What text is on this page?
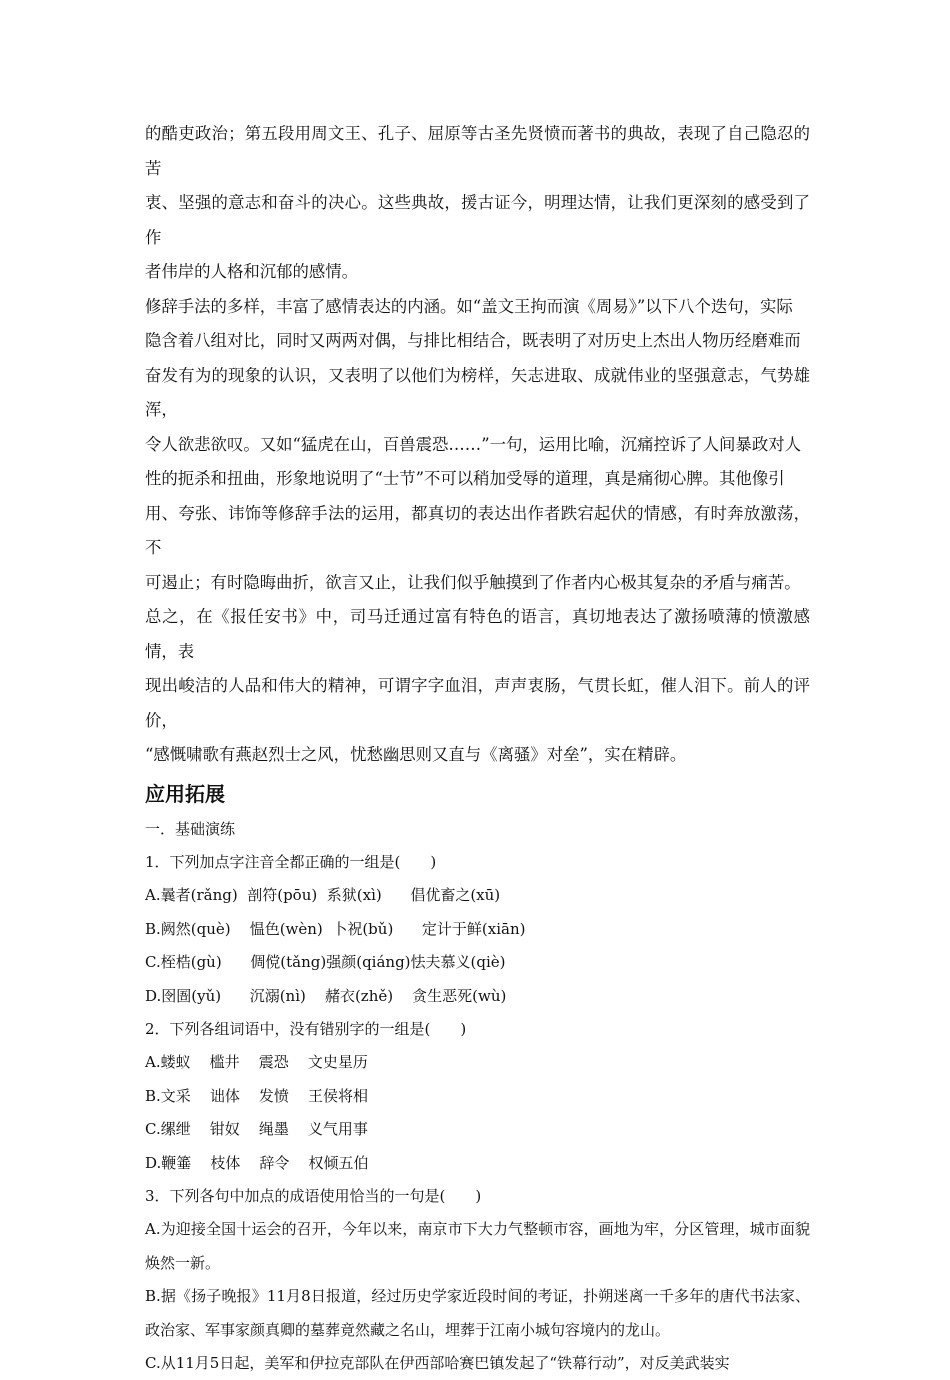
的酷吏政治；第五段用周文王、孔子、屈原等古圣先贤愤而著书的典故，表现了自己隐忍的苦

衷、坚强的意志和奋斗的决心。这些典故，援古证今，明理达情，让我们更深刻的感受到了作

者伟岸的人格和沉郁的感情。

修辞手法的多样，丰富了感情表达的内涵。如“盖文王拘而演《周易》”以下八个迭句，实际

隐含着八组对比，同时又两两对偶，与排比相结合，既表明了对历史上杰出人物历经磨难而

奋发有为的现象的认识，又表明了以他们为榜样，矢志进取、成就伟业的坚强意志，气势雄浑，

令人欲悲欲叹。又如“猛虎在山，百兽震恐……”一句，运用比喻，沉痛控诉了人间暴政对人

性的扼杀和扭曲，形象地说明了“士节”不可以稍加受辱的道理，真是痛彻心脾。其他像引

用、夸张、讳饰等修辞手法的运用，都真切的表达出作者跌宕起伏的情感，有时奔放激荡，不

可遏止；有时隐晦曲折，欲言又止，让我们似乎触摸到了作者内心极其复杂的矛盾与痛苦。

总之，在《报任安书》中，司马迁通过富有特色的语言，真切地表达了激扬喷薄的愤激感情，表

现出峻洁的人品和伟大的精神，可谓字字血泪，声声衷肠，气贯长虹，催人泪下。前人的评价，

“感慨啸歌有燕赵烈士之风，忧愁幽思则又直与《离骚》对垒”，实在精辟。

应用拓展

一．基础演练

1．下列加点字注音全都正确的一组是(　　)

A.曩者(rǎng)  剖符(pōu)  系狱(xì)      倡优畜之(xū)

B.阙然(què)    愠色(wèn)  卜祝(bǔ)      定计于鲜(xiān)

C.桎梏(gù)      倜傥(tǎng)强颜(qiáng)怯夫慕义(qiè)

D.囹圄(yǔ)      沉溺(nì)    赭衣(zhě)    贪生恶死(wù)

2．下列各组词语中，没有错别字的一组是(　　)

A.蝼蚁    槛井    震恐    文史星历

B.文采    诎体    发愤    王侯将相

C.缧绁    钳奴    绳墨    义气用事

D.鞭箠    枝体    辞令    权倾五伯

3．下列各句中加点的成语使用恰当的一句是(　　)

A.为迎接全国十运会的召开，今年以来，南京市下大力气整顿市容，画地为牢，分区管理，城市面貌焕然一新。

B.据《扬子晚报》11月8日报道，经过历史学家近段时间的考证，扑朔迷离一千多年的唐代书法家、政治家、军事家颜真卿的墓葬竟然藏之名山，埋葬于江南小城句容境内的龙山。

C.从11月5日起，美军和伊拉克部队在伊西部哈赛巴镇发起了“铁幕行动”，对反美武装实
